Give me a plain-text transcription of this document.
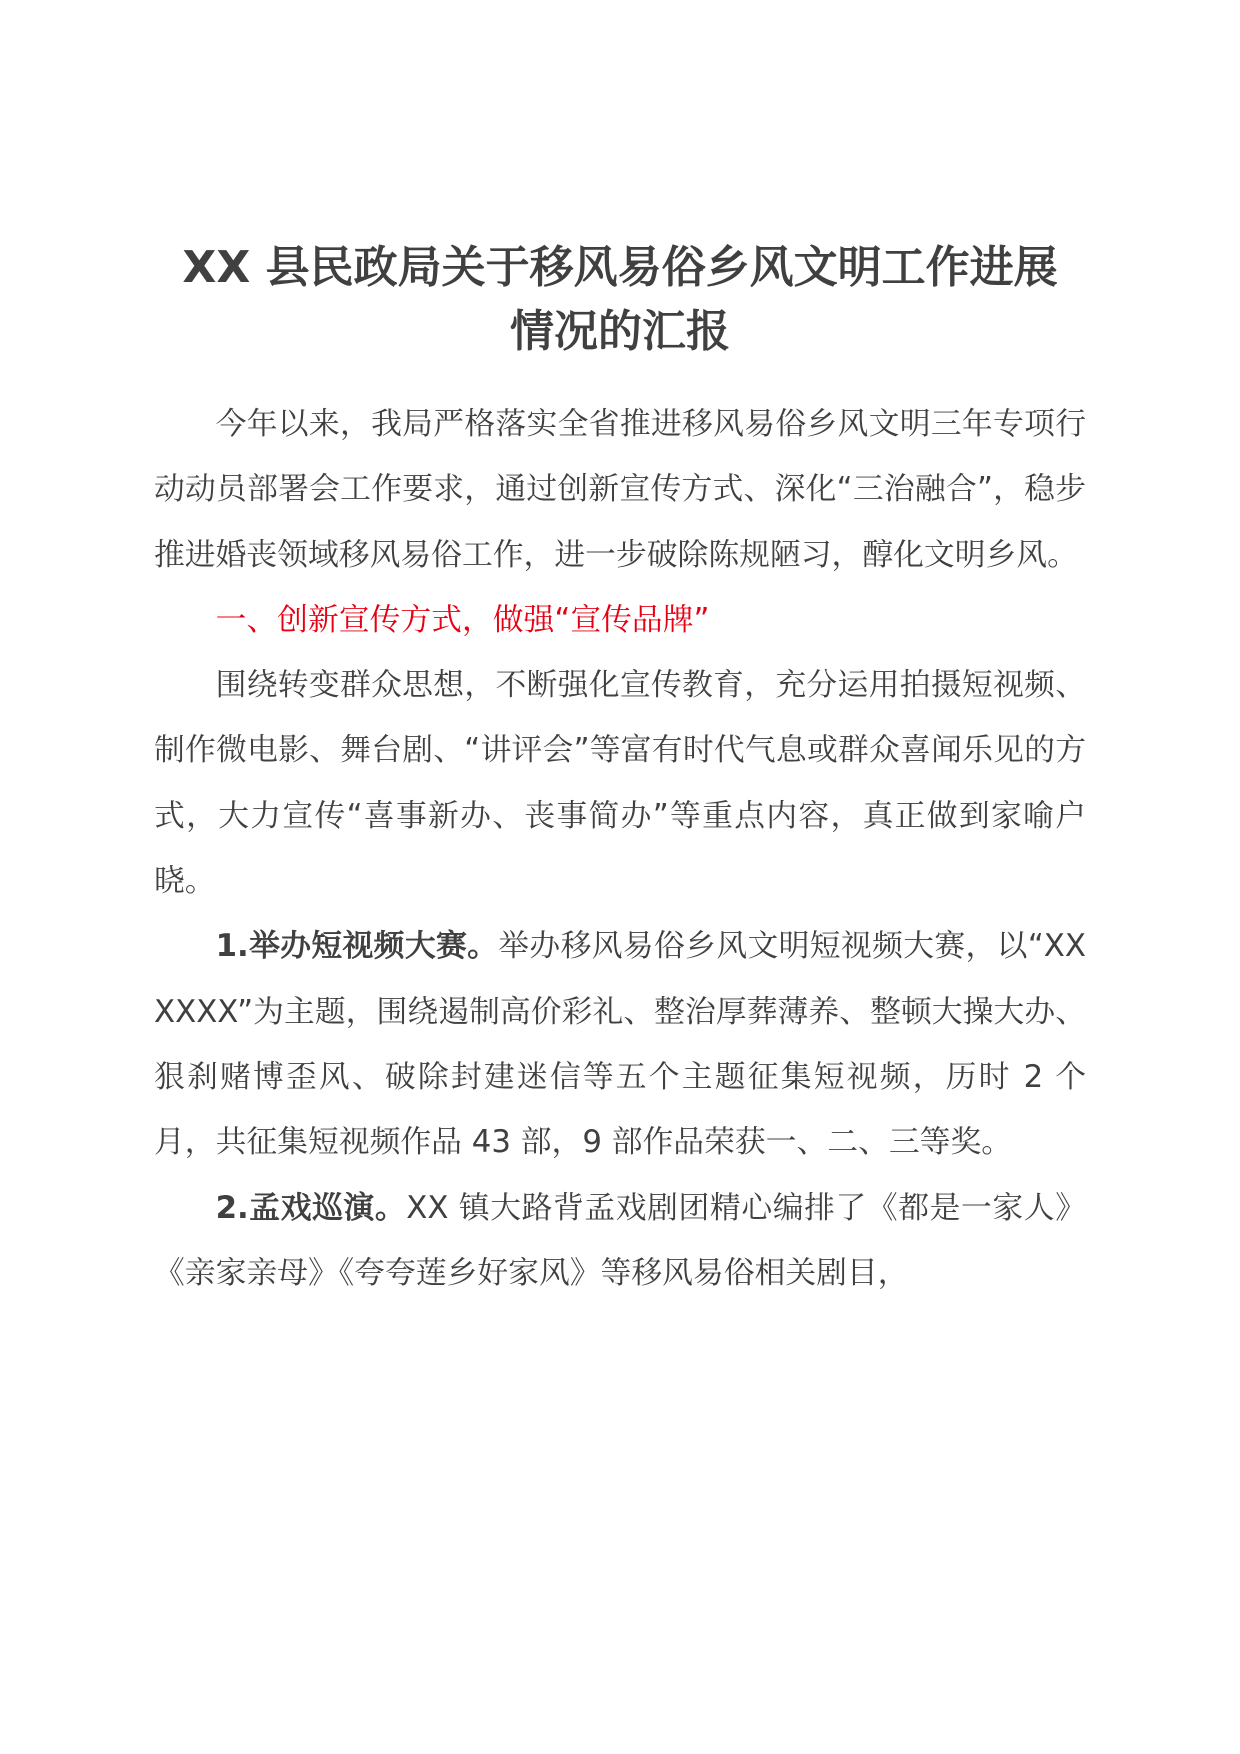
XX 县民政局关于移风易俗乡风文明工作进展
情况的汇报

今年以来，我局严格落实全省推进移风易俗乡风文明三年专项行动动员部署会工作要求，通过创新宣传方式、深化“三治融合”，稳步推进婚丧领域移风易俗工作，进一步破除陈规陋习，醇化文明乡风。

一、创新宣传方式，做强“宣传品牌”

围绕转变群众思想，不断强化宣传教育，充分运用拍摄短视频、制作微电影、舞台剧、“讲评会”等富有时代气息或群众喜闻乐见的方式，大力宣传“喜事新办、丧事简办”等重点内容，真正做到家喻户晓。

1.举办短视频大赛。举办移风易俗乡风文明短视频大赛，以“XXXXXX”为主题，围绕遏制高价彩礼、整治厚葬薄养、整顿大操大办、狠刹赌博歪风、破除封建迷信等五个主题征集短视频，历时 2 个月，共征集短视频作品 43 部，9 部作品荣获一、二、三等奖。

2.孟戏巡演。XX 镇大路背孟戏剧团精心编排了《都是一家人》《亲家亲母》《夸夸莲乡好家风》等移风易俗相关剧目，
